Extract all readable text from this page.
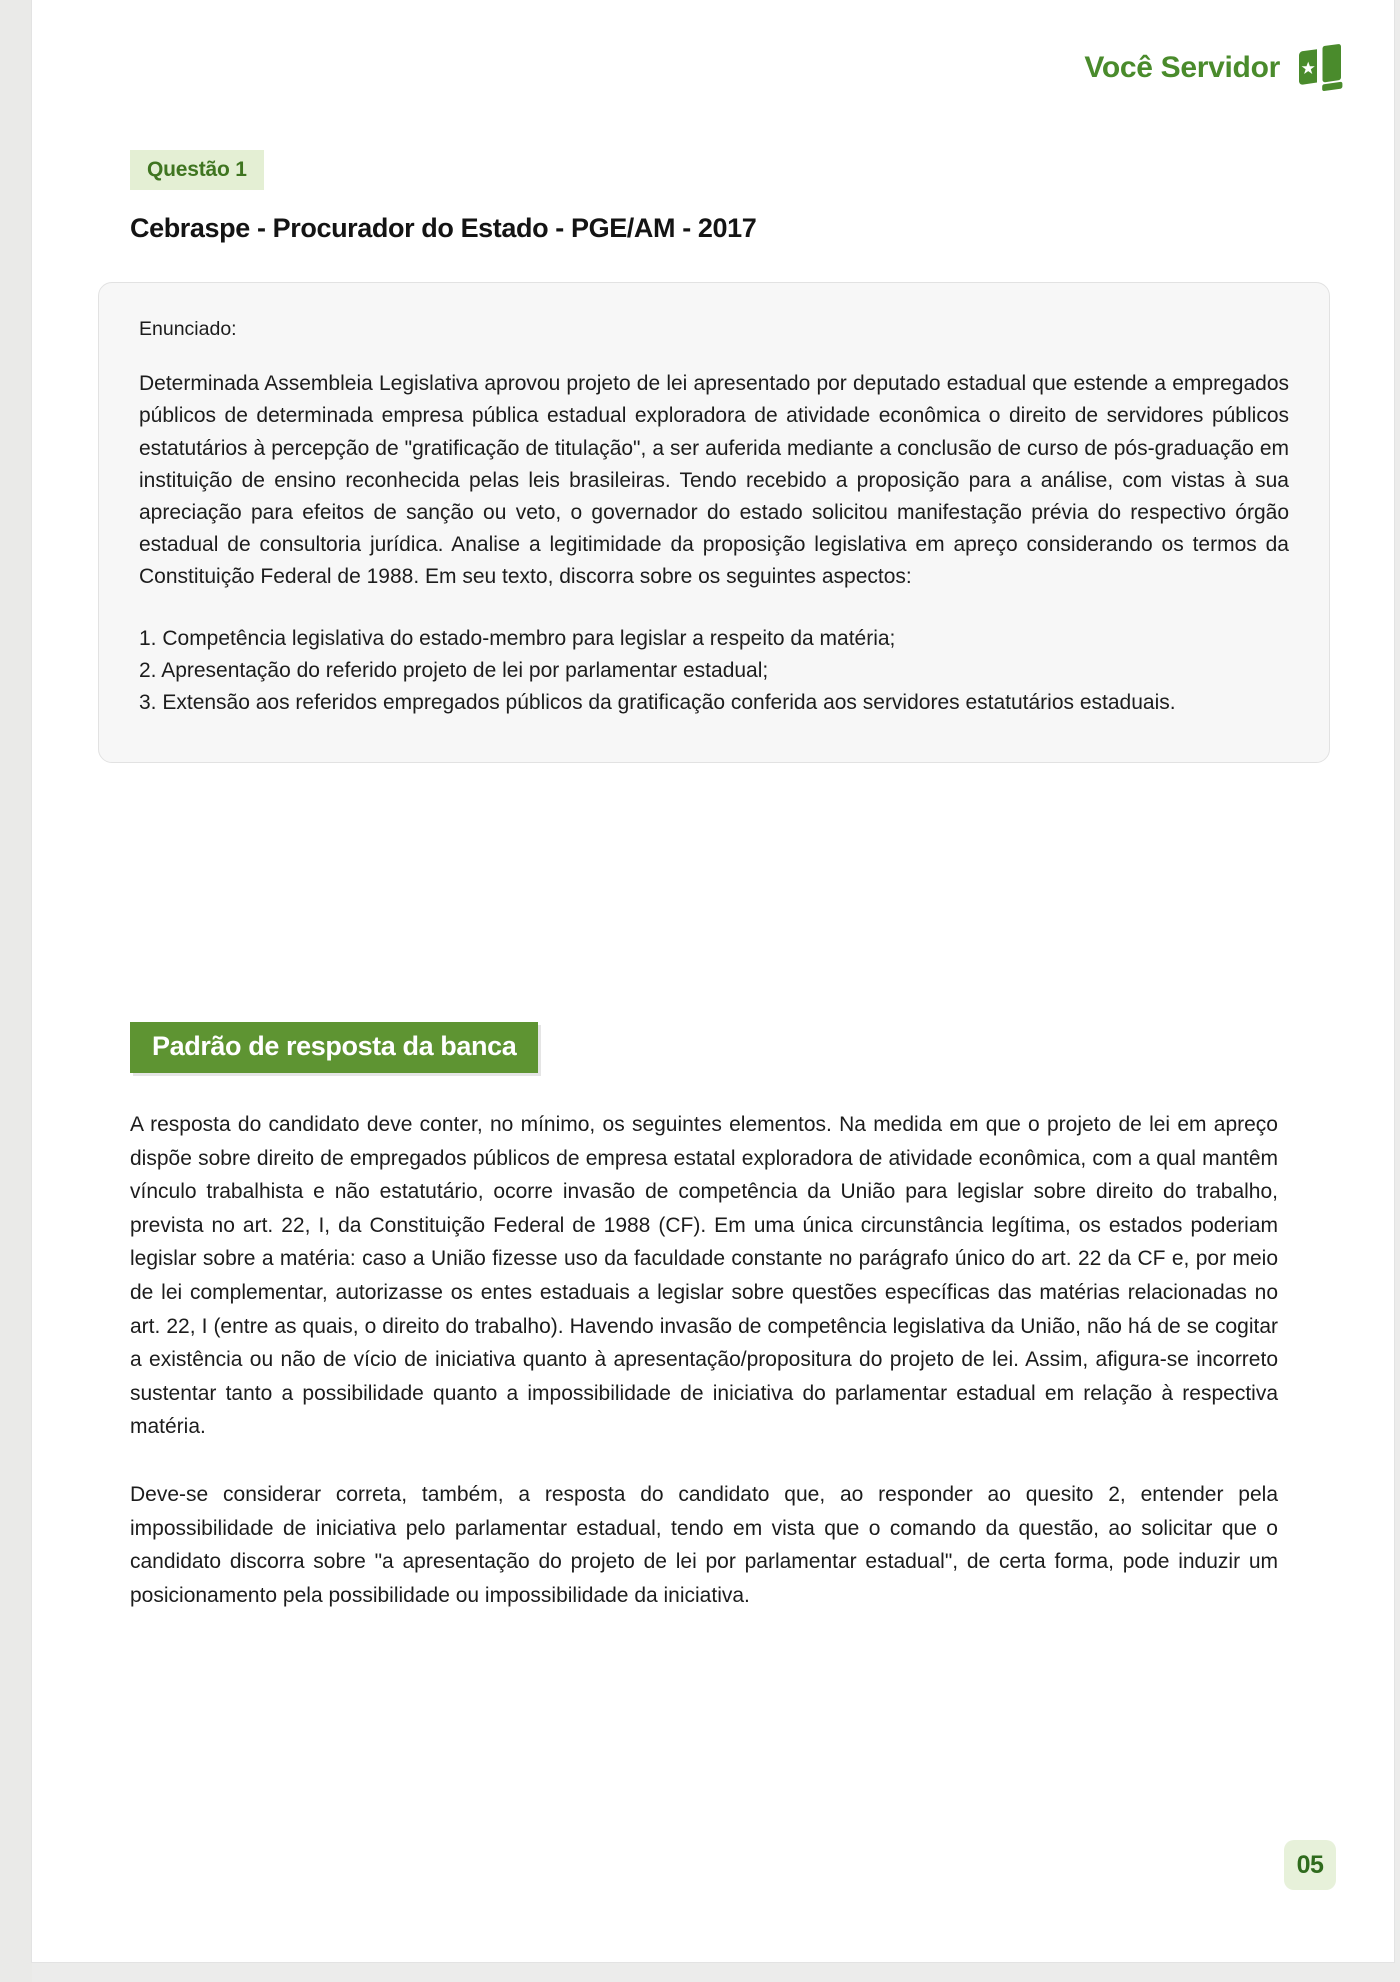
Você Servidor
Questão 1
Cebraspe - Procurador do Estado - PGE/AM - 2017

Enunciado:

Determinada Assembleia Legislativa aprovou projeto de lei apresentado por deputado estadual que estende a empregados públicos de determinada empresa pública estadual exploradora de atividade econômica o direito de servidores públicos estatutários à percepção de "gratificação de titulação", a ser auferida mediante a conclusão de curso de pós-graduação em instituição de ensino reconhecida pelas leis brasileiras. Tendo recebido a proposição para a análise, com vistas à sua apreciação para efeitos de sanção ou veto, o governador do estado solicitou manifestação prévia do respectivo órgão estadual de consultoria jurídica. Analise a legitimidade da proposição legislativa em apreço considerando os termos da Constituição Federal de 1988. Em seu texto, discorra sobre os seguintes aspectos:

1. Competência legislativa do estado-membro para legislar a respeito da matéria;
2. Apresentação do referido projeto de lei por parlamentar estadual;
3. Extensão aos referidos empregados públicos da gratificação conferida aos servidores estatutários estaduais.
Padrão de resposta da banca

A resposta do candidato deve conter, no mínimo, os seguintes elementos. Na medida em que o projeto de lei em apreço dispõe sobre direito de empregados públicos de empresa estatal exploradora de atividade econômica, com a qual mantêm vínculo trabalhista e não estatutário, ocorre invasão de competência da União para legislar sobre direito do trabalho, prevista no art. 22, I, da Constituição Federal de 1988 (CF). Em uma única circunstância legítima, os estados poderiam legislar sobre a matéria: caso a União fizesse uso da faculdade constante no parágrafo único do art. 22 da CF e, por meio de lei complementar, autorizasse os entes estaduais a legislar sobre questões específicas das matérias relacionadas no art. 22, I (entre as quais, o direito do trabalho). Havendo invasão de competência legislativa da União, não há de se cogitar a existência ou não de vício de iniciativa quanto à apresentação/propositura do projeto de lei. Assim, afigura-se incorreto sustentar tanto a possibilidade quanto a impossibilidade de iniciativa do parlamentar estadual em relação à respectiva matéria.

Deve-se considerar correta, também, a resposta do candidato que, ao responder ao quesito 2, entender pela impossibilidade de iniciativa pelo parlamentar estadual, tendo em vista que o comando da questão, ao solicitar que o candidato discorra sobre "a apresentação do projeto de lei por parlamentar estadual", de certa forma, pode induzir um posicionamento pela possibilidade ou impossibilidade da iniciativa.

05
